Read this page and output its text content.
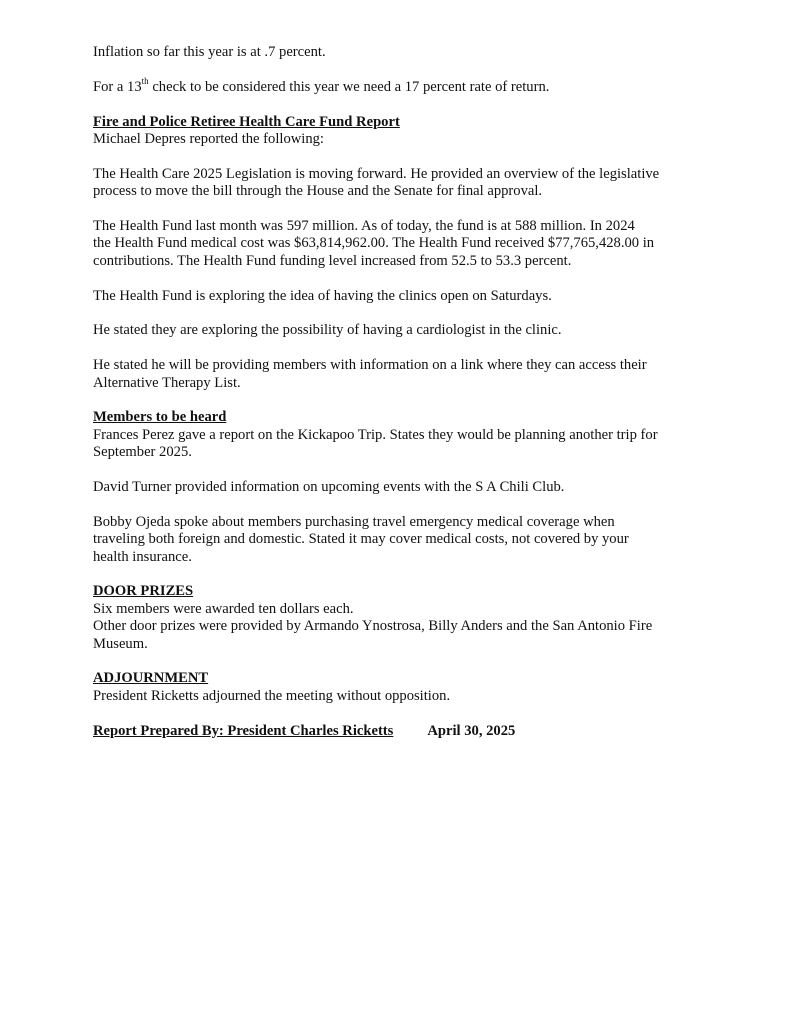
Inflation so far this year is at .7 percent.

For a 13th check to be considered this year we need a 17 percent rate of return.

Fire and Police Retiree Health Care Fund Report

Michael Depres reported the following:

The Health Care 2025 Legislation is moving forward. He provided an overview of the legislative

process to move the bill through the House and the Senate for final approval.

The Health Fund last month was 597 million. As of today, the fund is at 588 million. In 2024

the Health Fund medical cost was $63,814,962.00. The Health Fund received $77,765,428.00 in

contributions. The Health Fund funding level increased from 52.5 to 53.3 percent.

The Health Fund is exploring the idea of having the clinics open on Saturdays.

He stated they are exploring the possibility of having a cardiologist in the clinic.

He stated he will be providing members with information on a link where they can access their

Alternative Therapy List.

Members to be heard

Frances Perez gave a report on the Kickapoo Trip. States they would be planning another trip for

September 2025.

David Turner provided information on upcoming events with the S A Chili Club.

Bobby Ojeda spoke about members purchasing travel emergency medical coverage when

traveling both foreign and domestic. Stated it may cover medical costs, not covered by your

health insurance.

DOOR PRIZES

Six members were awarded ten dollars each.

Other door prizes were provided by Armando Ynostrosa, Billy Anders and the San Antonio Fire

Museum.

ADJOURNMENT

President Ricketts adjourned the meeting without opposition.

Report Prepared By: President Charles Ricketts April 30, 2025
